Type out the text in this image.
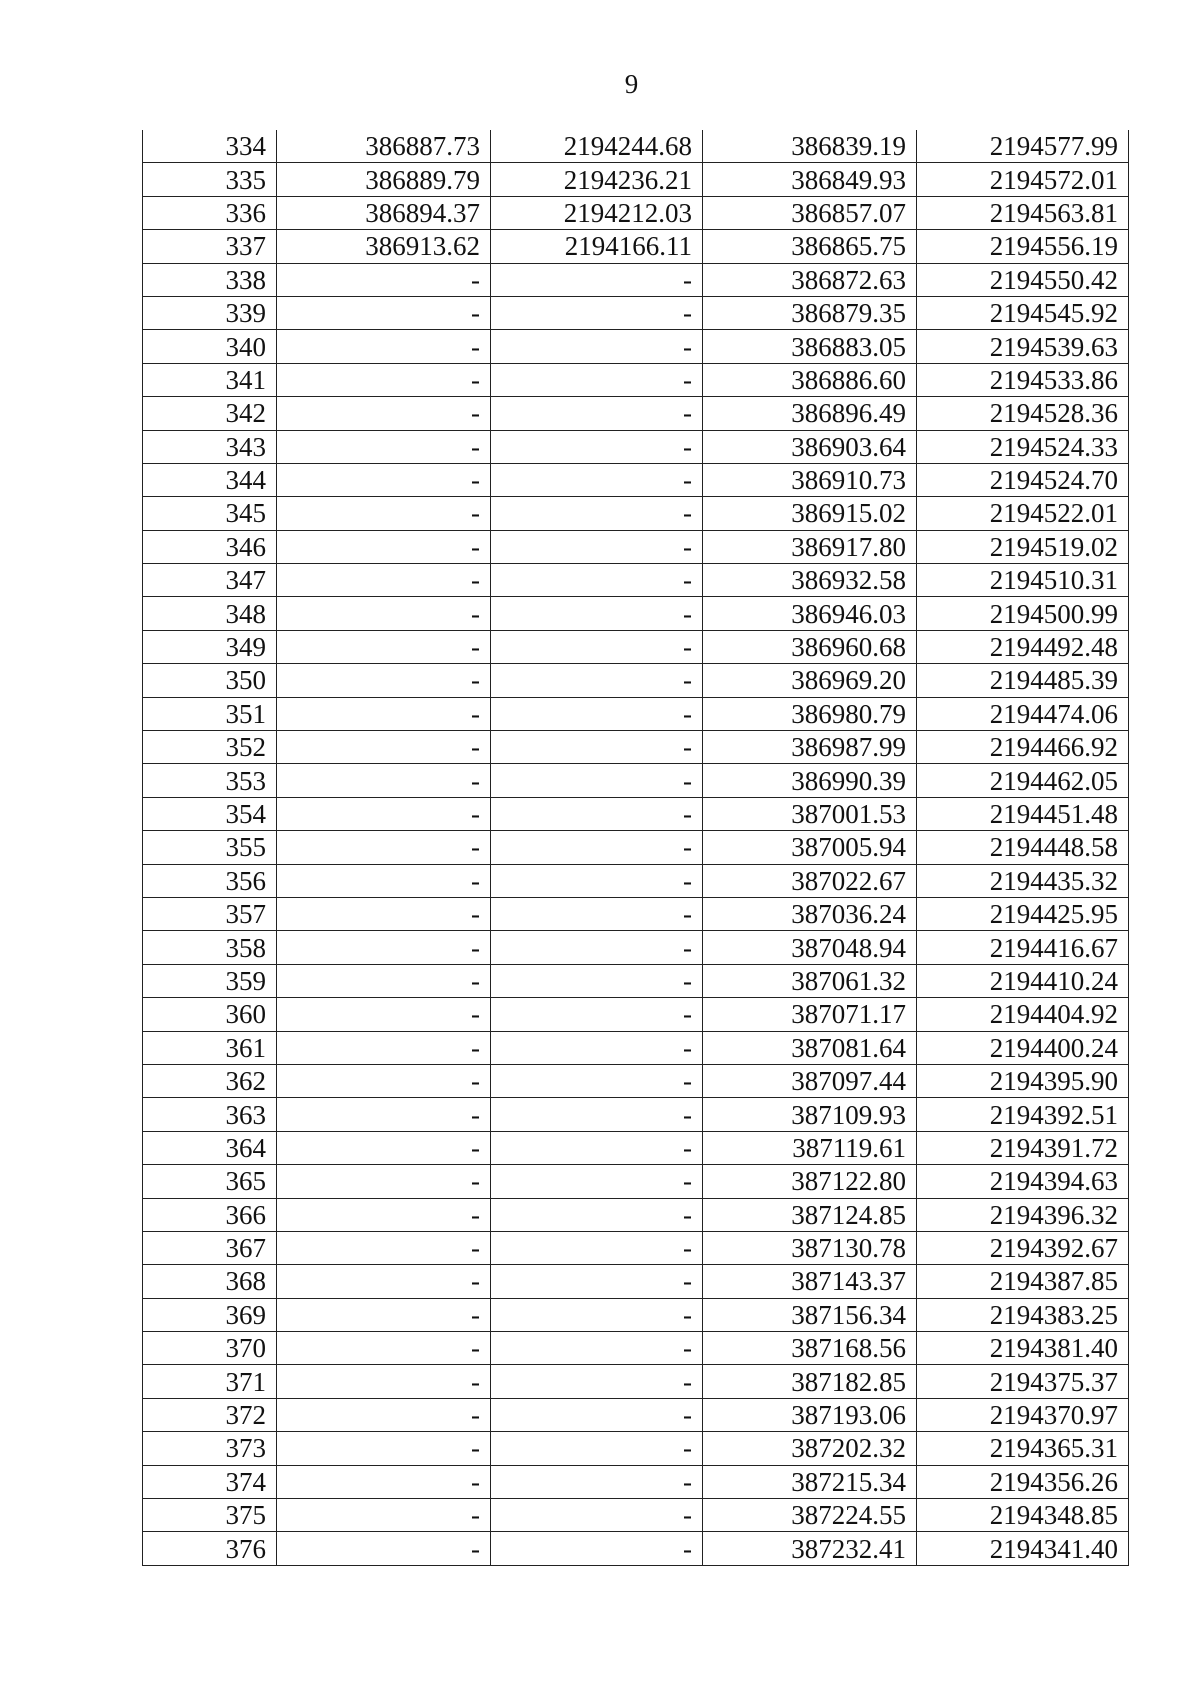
9
334	386887.73	2194244.68	386839.19	2194577.99
335	386889.79	2194236.21	386849.93	2194572.01
336	386894.37	2194212.03	386857.07	2194563.81
337	386913.62	2194166.11	386865.75	2194556.19
338	-	-	386872.63	2194550.42
339	-	-	386879.35	2194545.92
340	-	-	386883.05	2194539.63
341	-	-	386886.60	2194533.86
342	-	-	386896.49	2194528.36
343	-	-	386903.64	2194524.33
344	-	-	386910.73	2194524.70
345	-	-	386915.02	2194522.01
346	-	-	386917.80	2194519.02
347	-	-	386932.58	2194510.31
348	-	-	386946.03	2194500.99
349	-	-	386960.68	2194492.48
350	-	-	386969.20	2194485.39
351	-	-	386980.79	2194474.06
352	-	-	386987.99	2194466.92
353	-	-	386990.39	2194462.05
354	-	-	387001.53	2194451.48
355	-	-	387005.94	2194448.58
356	-	-	387022.67	2194435.32
357	-	-	387036.24	2194425.95
358	-	-	387048.94	2194416.67
359	-	-	387061.32	2194410.24
360	-	-	387071.17	2194404.92
361	-	-	387081.64	2194400.24
362	-	-	387097.44	2194395.90
363	-	-	387109.93	2194392.51
364	-	-	387119.61	2194391.72
365	-	-	387122.80	2194394.63
366	-	-	387124.85	2194396.32
367	-	-	387130.78	2194392.67
368	-	-	387143.37	2194387.85
369	-	-	387156.34	2194383.25
370	-	-	387168.56	2194381.40
371	-	-	387182.85	2194375.37
372	-	-	387193.06	2194370.97
373	-	-	387202.32	2194365.31
374	-	-	387215.34	2194356.26
375	-	-	387224.55	2194348.85
376	-	-	387232.41	2194341.40
